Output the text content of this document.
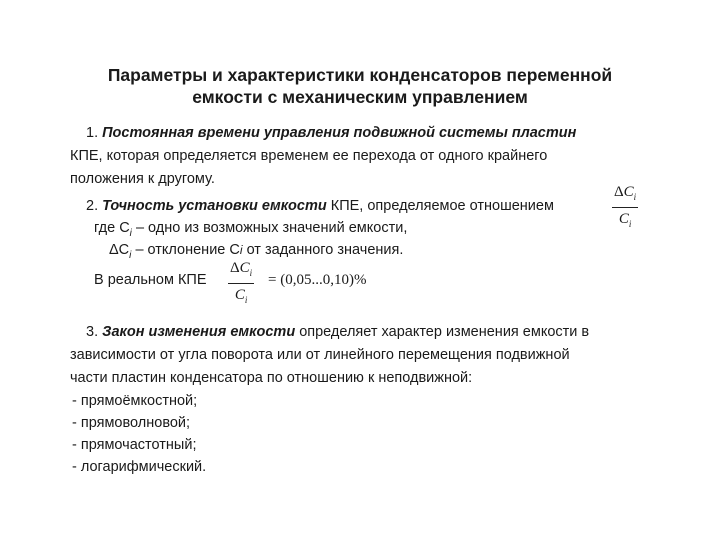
Параметры и характеристики конденсаторов переменной
емкости с механическим управлением
1. Постоянная времени управления подвижной системы пластин
КПЕ, которая определяется временем ее перехода от одного крайнего
положения к другому.
2. Точность установки емкости КПЕ, определяемое отношением
$\Delta C_i$
$C_i$
где $С_i$ – одно из возможных значений емкости,
$\Delta С_i$ – отклонение Сi от заданного значения.
В реальном КПЕ
$\Delta C_i$
$C_i$
= (0,05...0,10)%
3. Закон изменения емкости определяет характер изменения емкости в
зависимости от угла поворота или от линейного перемещения подвижной
части пластин конденсатора по отношению к неподвижной:
- прямоёмкостной;
- прямоволновой;
- прямочастотный;
- логарифмический.
